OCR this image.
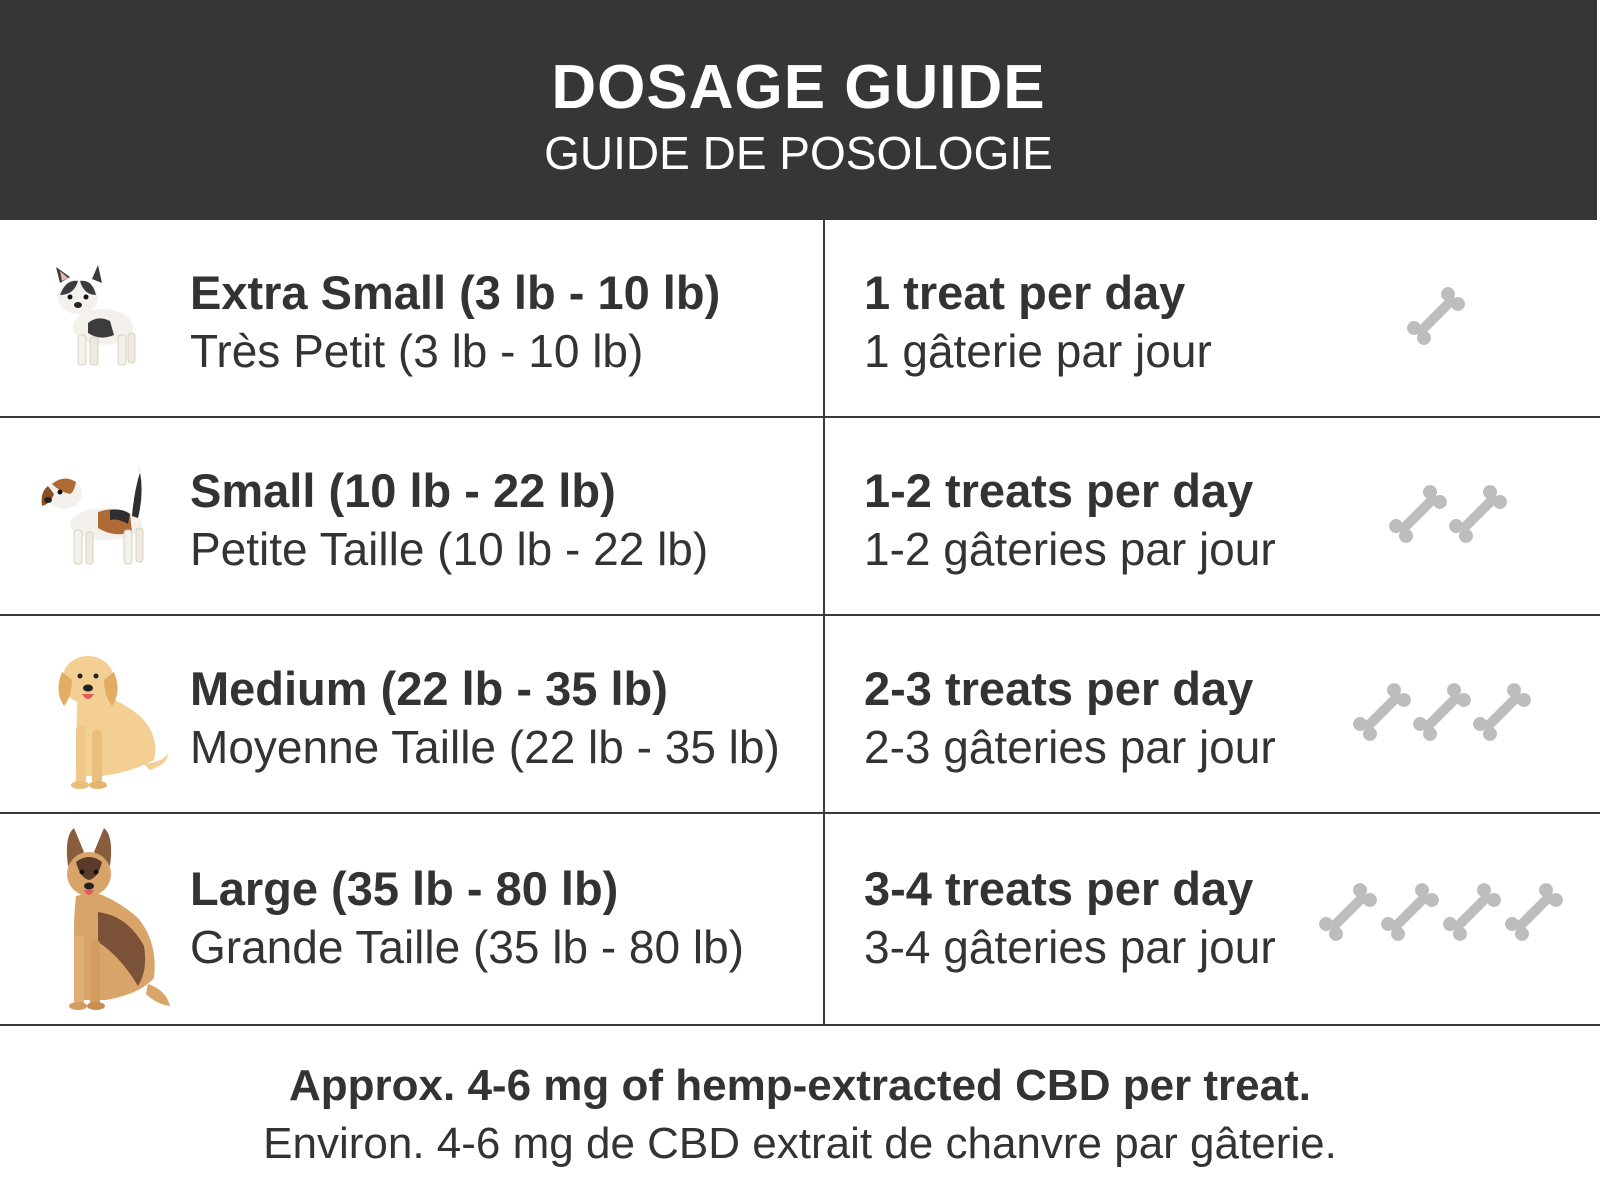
DOSAGE GUIDE
GUIDE DE POSOLOGIE
Extra Small (3 lb - 10 lb)
Très Petit (3 lb - 10 lb)
1 treat per day
1 gâterie par jour
Small (10 lb - 22 lb)
Petite Taille (10 lb - 22 lb)
1-2 treats per day
1-2 gâteries par jour
Medium (22 lb - 35 lb)
Moyenne Taille (22 lb - 35 lb)
2-3 treats per day
2-3 gâteries par jour
Large (35 lb - 80 lb)
Grande Taille (35 lb - 80 lb)
3-4 treats per day
3-4 gâteries par jour
Approx. 4-6 mg of hemp-extracted CBD per treat.
Environ. 4-6 mg de CBD extrait de chanvre par gâterie.
